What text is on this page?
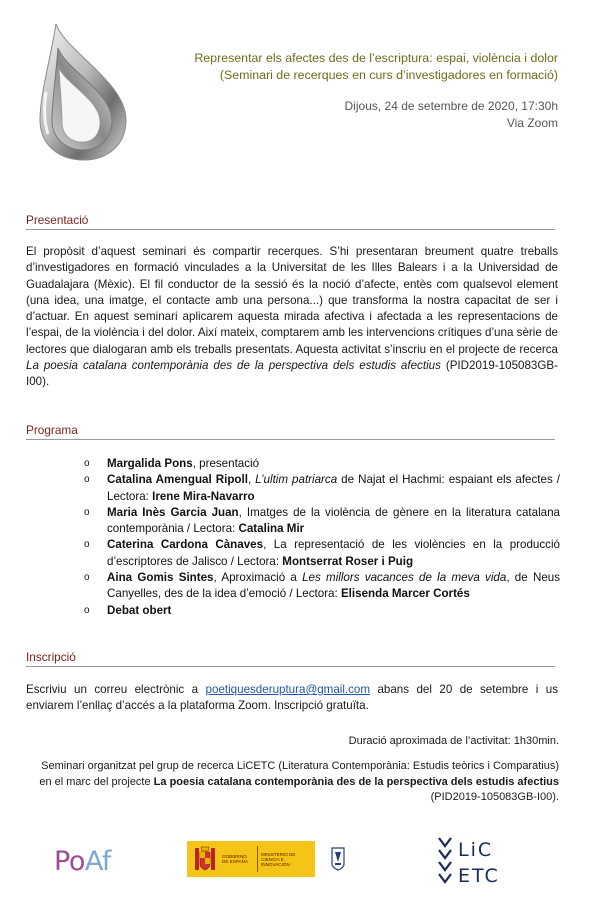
Representar els afectes des de l’escriptura: espai, violència i dolor
(Seminari de recerques en curs d’investigadores en formació)
Dijous, 24 de setembre de 2020, 17:30h
Via Zoom
Presentació

El propòsit d’aquest seminari és compartir recerques. S’hi presentaran breument quatre treballs d’investigadores en formació vinculades a la Universitat de les Illes Balears i a la Universidad de Guadalajara (Mèxic). El fil conductor de la sessió és la noció d’afecte, entès com qualsevol element (una idea, una imatge, el contacte amb una persona...) que transforma la nostra capacitat de ser i d’actuar. En aquest seminari aplicarem aquesta mirada afectiva i afectada a les representacions de l’espai, de la violència i del dolor. Així mateix, comptarem amb les intervencions crítiques d’una sèrie de lectores que dialogaran amb els treballs presentats. Aquesta activitat s’inscriu en el projecte de recerca La poesia catalana contemporània des de la perspectiva dels estudis afectius (PID2019-105083GB-I00).

Programa
o Margalida Pons, presentació
o Catalina Amengual Ripoll, L’ultim patriarca de Najat el Hachmi: espaiant els afectes / Lectora: Irene Mira-Navarro
o Maria Inès Garcia Juan, Imatges de la violència de gènere en la literatura catalana contemporània / Lectora: Catalina Mir
o Caterina Cardona Cànaves, La representació de les violències en la producció d’escriptores de Jalisco / Lectora: Montserrat Roser i Puig
o Aina Gomis Sintes, Aproximació a Les millors vacances de la meva vida, de Neus Canyelles, des de la idea d’emoció / Lectora: Elisenda Marcer Cortés
o Debat obert
Inscripció

Escriviu un correu electrònic a poetiquesderuptura@gmail.com abans del 20 de setembre i us enviarem l’enllaç d’accés a la plataforma Zoom. Inscripció gratuïta.

Duració aproximada de l’activitat: 1h30min.
Seminari organitzat pel grup de recerca LiCETC (Literatura Contemporània: Estudis teòrics i Comparatius)
en el marc del projecte La poesia catalana contemporània des de la perspectiva dels estudis afectius
(PID2019-105083GB-I00).
PoAf	GOBIERNO DE ESPAÑA
MINISTERIO DE CIENCIA E INNOVACIÓN
LiC
ETC
